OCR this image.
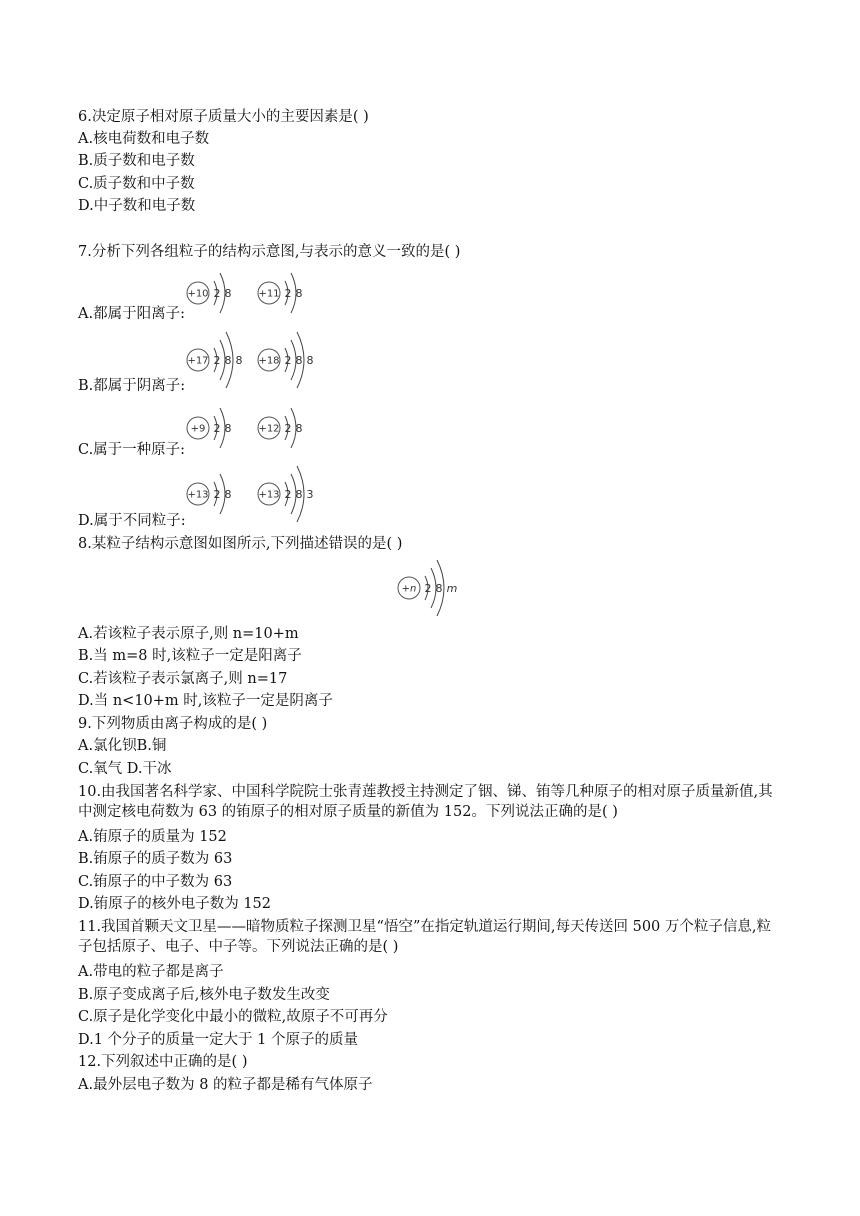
6.决定原子相对原子质量大小的主要因素是( )
A.核电荷数和电子数
B.质子数和电子数
C.质子数和中子数
D.中子数和电子数
7.分析下列各组粒子的结构示意图,与表示的意义一致的是( )
A.都属于阳离子:
B.都属于阴离子:
C.属于一种原子:
D.属于不同粒子:
+10 2 8	+11 2 8
+17 2 8 8 +18 2 8 8
+9 2 8	+12 2 8
+13 2 8	+13 2 8 3
8.某粒子结构示意图如图所示,下列描述错误的是( )
+n 2 8 m
A.若该粒子表示原子,则 n=10+m
B.当 m=8 时,该粒子一定是阳离子
C.若该粒子表示氯离子,则 n=17
D.当 n<10+m 时,该粒子一定是阴离子
9.下列物质由离子构成的是( )
A.氯化钡B.铜
C.氧气 D.干冰
10.由我国著名科学家、中国科学院院士张青莲教授主持测定了铟、锑、铕等几种原子的相对原子质量新值,其中测定核电荷数为 63 的铕原子的相对原子质量的新值为 152。下列说法正确的是( )
A.铕原子的质量为 152
B.铕原子的质子数为 63
C.铕原子的中子数为 63
D.铕原子的核外电子数为 152
11.我国首颗天文卫星——暗物质粒子探测卫星“悟空”在指定轨道运行期间,每天传送回 500 万个粒子信息,粒子包括原子、电子、中子等。下列说法正确的是( )
A.带电的粒子都是离子
B.原子变成离子后,核外电子数发生改变
C.原子是化学变化中最小的微粒,故原子不可再分
D.1 个分子的质量一定大于 1 个原子的质量
12.下列叙述中正确的是( )
A.最外层电子数为 8 的粒子都是稀有气体原子
